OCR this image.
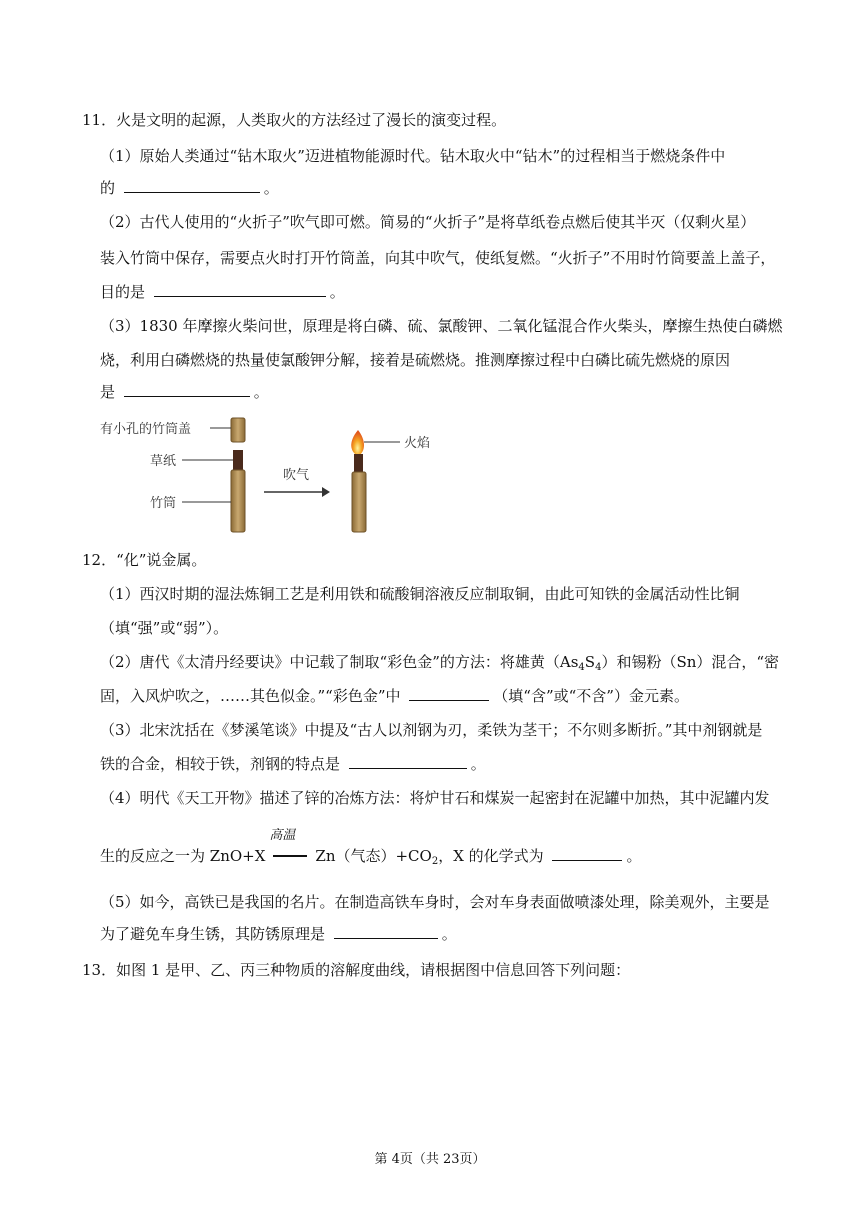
11．火是文明的起源，人类取火的方法经过了漫长的演变过程。
（1）原始人类通过“钻木取火”迈进植物能源时代。钻木取火中“钻木”的过程相当于燃烧条件中
的	。
（2）古代人使用的“火折子”吹气即可燃。简易的“火折子”是将草纸卷点燃后使其半灭（仅剩火星）
装入竹筒中保存，需要点火时打开竹筒盖，向其中吹气，使纸复燃。“火折子”不用时竹筒要盖上盖子，
目的是	。
（3）1830 年摩擦火柴问世，原理是将白磷、硫、氯酸钾、二氧化锰混合作火柴头，摩擦生热使白磷燃
烧，利用白磷燃烧的热量使氯酸钾分解，接着是硫燃烧。推测摩擦过程中白磷比硫先燃烧的原因
是	。
有小孔的竹筒盖
草纸
竹筒
吹气
火焰
12．“化”说金属。
（1）西汉时期的湿法炼铜工艺是利用铁和硫酸铜溶液反应制取铜，由此可知铁的金属活动性比铜
（填“强”或“弱”）。
（2）唐代《太清丹经要诀》中记载了制取“彩色金”的方法：将雄黄$(As_4S_4)$和锡粉（Sn）混合，“密
固，入风炉吹之，……其色似金。”“彩色金”中	（填“含”或“不含”）金元素。
（3）北宋沈括在《梦溪笔谈》中提及“古人以剂钢为刃，柔铁为茎干；不尔则多断折。”其中剂钢就是
铁的合金，相较于铁，剂钢的特点是	。
（4）明代《天工开物》描述了锌的冶炼方法：将炉甘石和煤炭一起密封在泥罐中加热，其中泥罐内发
生的反应之一为 ZnO+X
高温
Zn（气态）$+CO_2$，X 的化学式为	。
（5）如今，高铁已是我国的名片。在制造高铁车身时，会对车身表面做喷漆处理，除美观外，主要是
为了避免车身生锈，其防锈原理是	。
13．如图 1 是甲、乙、丙三种物质的溶解度曲线，请根据图中信息回答下列问题：
第 4页（共 23页）
